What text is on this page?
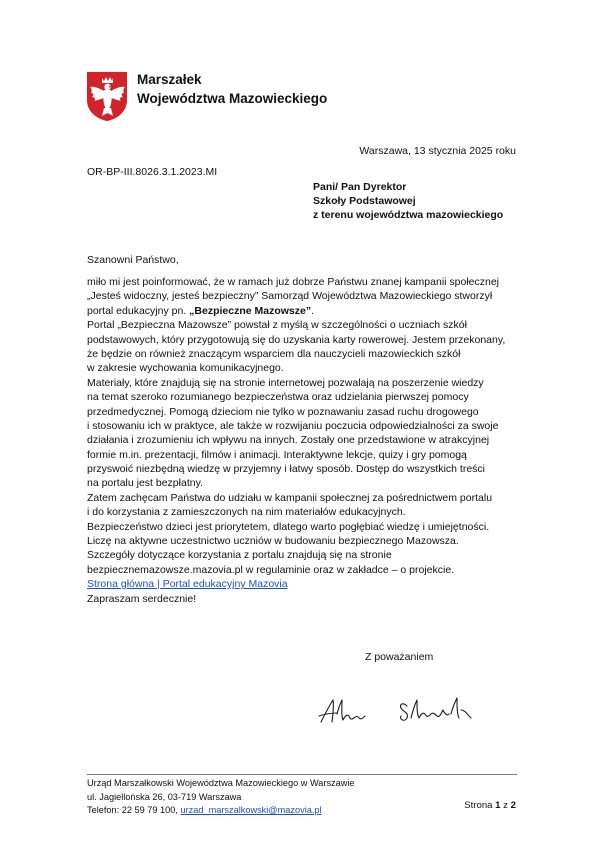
Marszałek
Województwa Mazowieckiego
Warszawa, 13 stycznia 2025 roku
OR-BP-III.8026.3.1.2023.MI
Pani/ Pan Dyrektor
Szkoły Podstawowej
z terenu województwa mazowieckiego
Szanowni Państwo,
miło mi jest poinformować, że w ramach już dobrze Państwu znanej kampanii społecznej
„Jesteś widoczny, jesteś bezpieczny” Samorząd Województwa Mazowieckiego stworzył
portal edukacyjny pn. „Bezpieczne Mazowsze”.
Portal „Bezpieczna Mazowsze” powstał z myślą w szczególności o uczniach szkół
podstawowych, który przygotowują się do uzyskania karty rowerowej. Jestem przekonany,
że będzie on również znaczącym wsparciem dla nauczycieli mazowieckich szkół
w zakresie wychowania komunikacyjnego.
Materiały, które znajdują się na stronie internetowej pozwalają na poszerzenie wiedzy
na temat szeroko rozumianego bezpieczeństwa oraz udzielania pierwszej pomocy
przedmedycznej. Pomogą dzieciom nie tylko w poznawaniu zasad ruchu drogowego
i stosowaniu ich w praktyce, ale także w rozwijaniu poczucia odpowiedzialności za swoje
działania i zrozumieniu ich wpływu na innych. Zostały one przedstawione w atrakcyjnej
formie m.in. prezentacji, filmów i animacji. Interaktywne lekcje, quizy i gry pomogą
przyswoić niezbędną wiedzę w przyjemny i łatwy sposób. Dostęp do wszystkich treści
na portalu jest bezpłatny.
Zatem zachęcam Państwa do udziału w kampanii społecznej za pośrednictwem portalu
i do korzystania z zamieszczonych na nim materiałów edukacyjnych.
Bezpieczeństwo dzieci jest priorytetem, dlatego warto pogłębiać wiedzę i umiejętności.
Liczę na aktywne uczestnictwo uczniów w budowaniu bezpiecznego Mazowsza.
Szczegóły dotyczące korzystania z portalu znajdują się na stronie
bezpiecznemazowsze.mazovia.pl w regulaminie oraz w zakładce – o projekcie.
Strona główna | Portal edukacyjny Mazovia
Zapraszam serdecznie!
Z poważaniem
Urząd Marszałkowski Województwa Mazowieckiego w Warszawie
ul. Jagiellońska 26, 03-719 Warszawa
Telefon: 22 59 79 100, urzad_marszalkowski@mazovia.pl	Strona 1 z 2
